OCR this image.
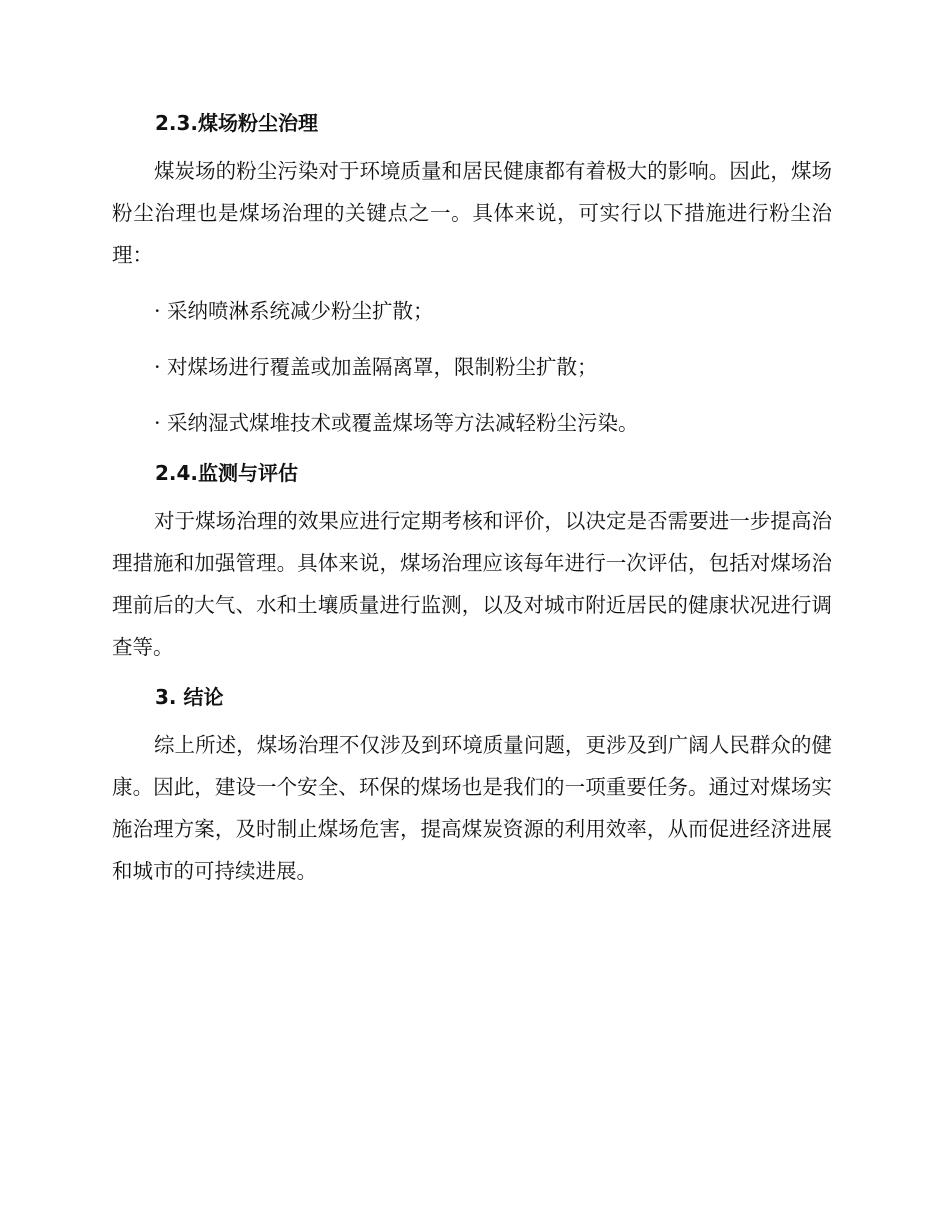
2.3.煤场粉尘治理

煤炭场的粉尘污染对于环境质量和居民健康都有着极大的影响。因此，煤场粉尘治理也是煤场治理的关键点之一。具体来说，可实行以下措施进行粉尘治理：

· 采纳喷淋系统减少粉尘扩散；
· 对煤场进行覆盖或加盖隔离罩，限制粉尘扩散；
· 采纳湿式煤堆技术或覆盖煤场等方法减轻粉尘污染。
2.4.监测与评估

对于煤场治理的效果应进行定期考核和评价，以决定是否需要进一步提高治理措施和加强管理。具体来说，煤场治理应该每年进行一次评估，包括对煤场治理前后的大气、水和土壤质量进行监测，以及对城市附近居民的健康状况进行调查等。

3. 结论

综上所述，煤场治理不仅涉及到环境质量问题，更涉及到广阔人民群众的健康。因此，建设一个安全、环保的煤场也是我们的一项重要任务。通过对煤场实施治理方案，及时制止煤场危害，提高煤炭资源的利用效率，从而促进经济进展和城市的可持续进展。
